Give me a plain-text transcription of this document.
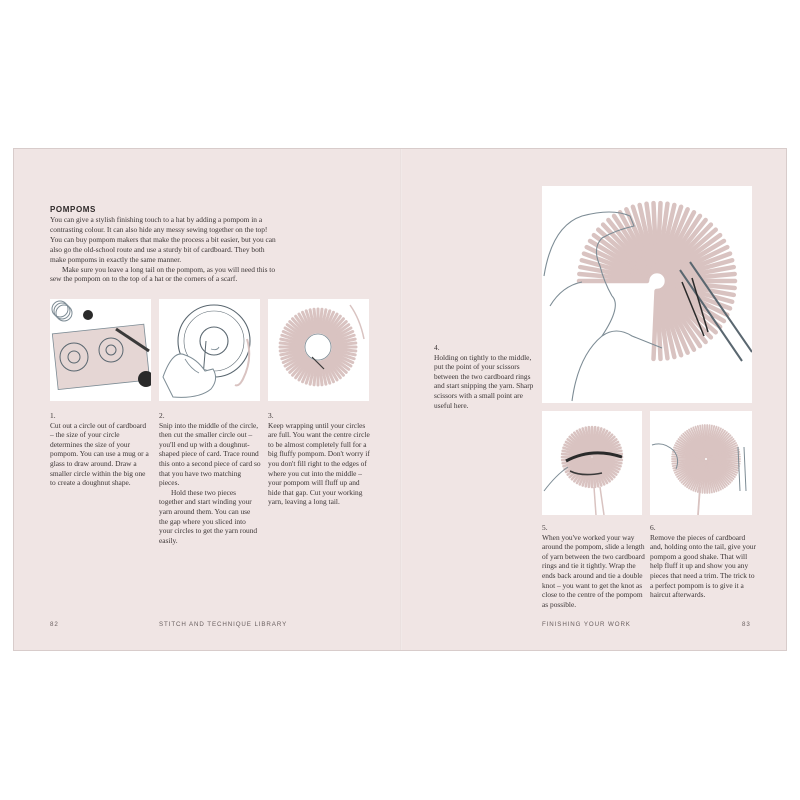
POMPOMS

You can give a stylish finishing touch to a hat by adding a pompom in a contrasting colour. It can also hide any messy sewing together on the top! You can buy pompom makers that make the process a bit easier, but you can also go the old-school route and use a sturdy bit of cardboard. They both make pompoms in exactly the same manner.

Make sure you leave a long tail on the pompom, as you will need this to sew the pompom on to the top of a hat or the corners of a scarf.

1.

Cut out a circle out of cardboard – the size of your circle determines the size of your pompom. You can use a mug or a glass to draw around. Draw a smaller circle within the big one to create a doughnut shape.

2.

Snip into the middle of the circle, then cut the smaller circle out – you'll end up with a doughnut-shaped piece of card. Trace round this onto a second piece of card so that you have two matching pieces.

Hold these two pieces together and start winding your yarn around them. You can use the gap where you sliced into your circles to get the yarn round easily.

3.

Keep wrapping until your circles are full. You want the centre circle to be almost completely full for a big fluffy pompom. Don't worry if you don't fill right to the edges of where you cut into the middle – your pompom will fluff up and hide that gap. Cut your working yarn, leaving a long tail.

82	STITCH AND TECHNIQUE LIBRARY
4.

Holding on tightly to the middle, put the point of your scissors between the two cardboard rings and start snipping the yarn. Sharp scissors with a small point are useful here.

5.

When you've worked your way around the pompom, slide a length of yarn between the two cardboard rings and tie it tightly. Wrap the ends back around and tie a double knot – you want to get the knot as close to the centre of the pompom as possible.

6.

Remove the pieces of cardboard and, holding onto the tail, give your pompom a good shake. That will help fluff it up and show you any pieces that need a trim. The trick to a perfect pompom is to give it a haircut afterwards.

FINISHING YOUR WORK	83
